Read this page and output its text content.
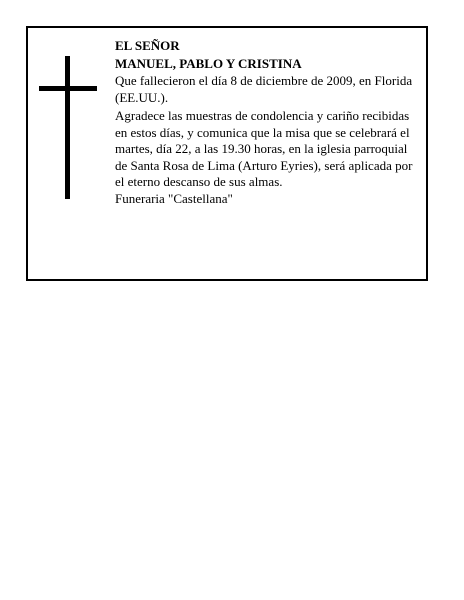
EL SEÑOR

MANUEL, PABLO Y CRISTINA

Que fallecieron el día 8 de diciembre de 2009, en Florida (EE.UU.).

Agradece las muestras de condolencia y cariño recibidas en estos días, y comunica que la misa que se celebrará el martes, día 22, a las 19.30 horas, en la iglesia parroquial de Santa Rosa de Lima (Arturo Eyries), será aplicada por el eterno descanso de sus almas.

Funeraria "Castellana"
